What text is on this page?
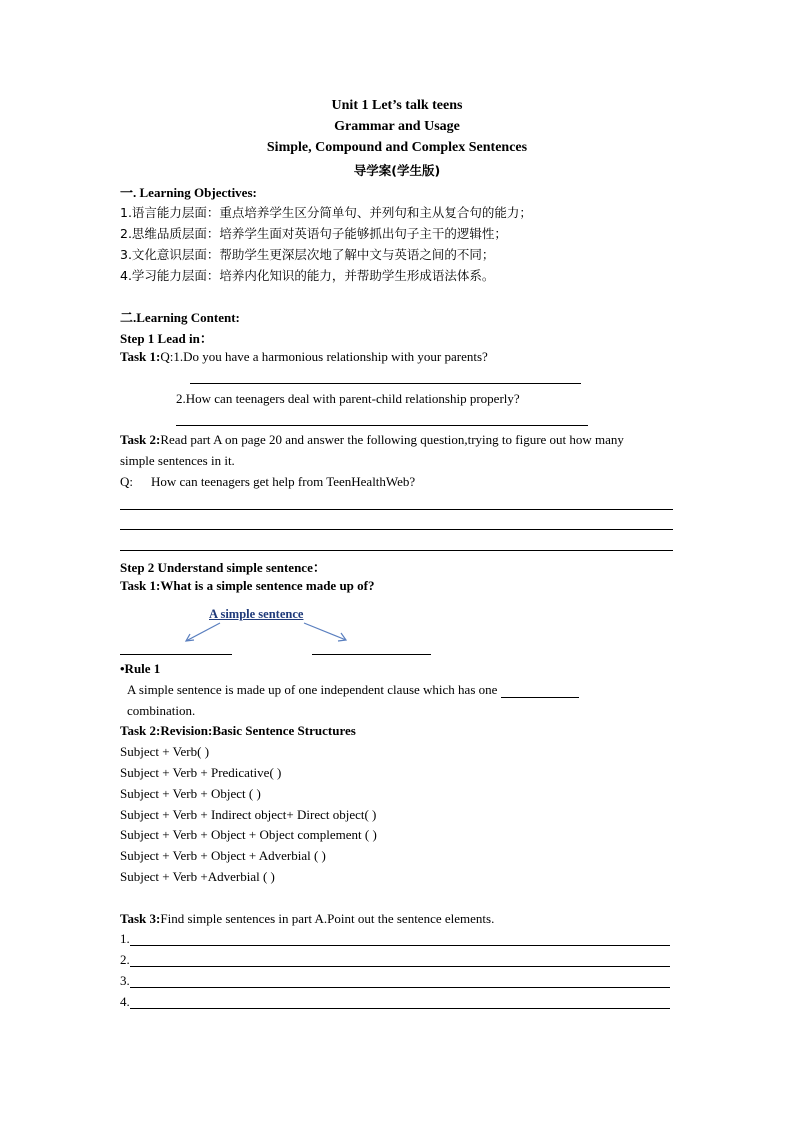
Unit 1 Let’s talk teens
Grammar and Usage
Simple, Compound and Complex Sentences
导学案(学生版)
一. Learning Objectives:
1.语言能力层面：重点培养学生区分简单句、并列句和主从复合句的能力；
2.思维品质层面：培养学生面对英语句子能够抓出句子主干的逻辑性；
3.文化意识层面：帮助学生更深层次地了解中文与英语之间的不同；
4.学习能力层面：培养内化知识的能力，并帮助学生形成语法体系。
二.Learning Content:
Step 1 Lead in：
Task 1:Q:1.Do you have a harmonious relationship with your parents?
2.How can teenagers deal with parent-child relationship properly?
Task 2:Read part A on page 20 and answer the following question,trying to figure out how many
simple sentences in it.
Q: How can teenagers get help from TeenHealthWeb?
Step 2 Understand simple sentence：
Task 1:What is a simple sentence made up of?
A simple sentence
•Rule 1
A simple sentence is made up of one independent clause which has one
combination.
Task 2:Revision:Basic Sentence Structures
Subject + Verb( )
Subject + Verb + Predicative( )
Subject + Verb + Object ( )
Subject + Verb + Indirect object+ Direct object( )
Subject + Verb + Object + Object complement ( )
Subject + Verb + Object + Adverbial ( )
Subject + Verb +Adverbial ( )
Task 3:Find simple sentences in part A.Point out the sentence elements.
1.
2.
3.
4.
